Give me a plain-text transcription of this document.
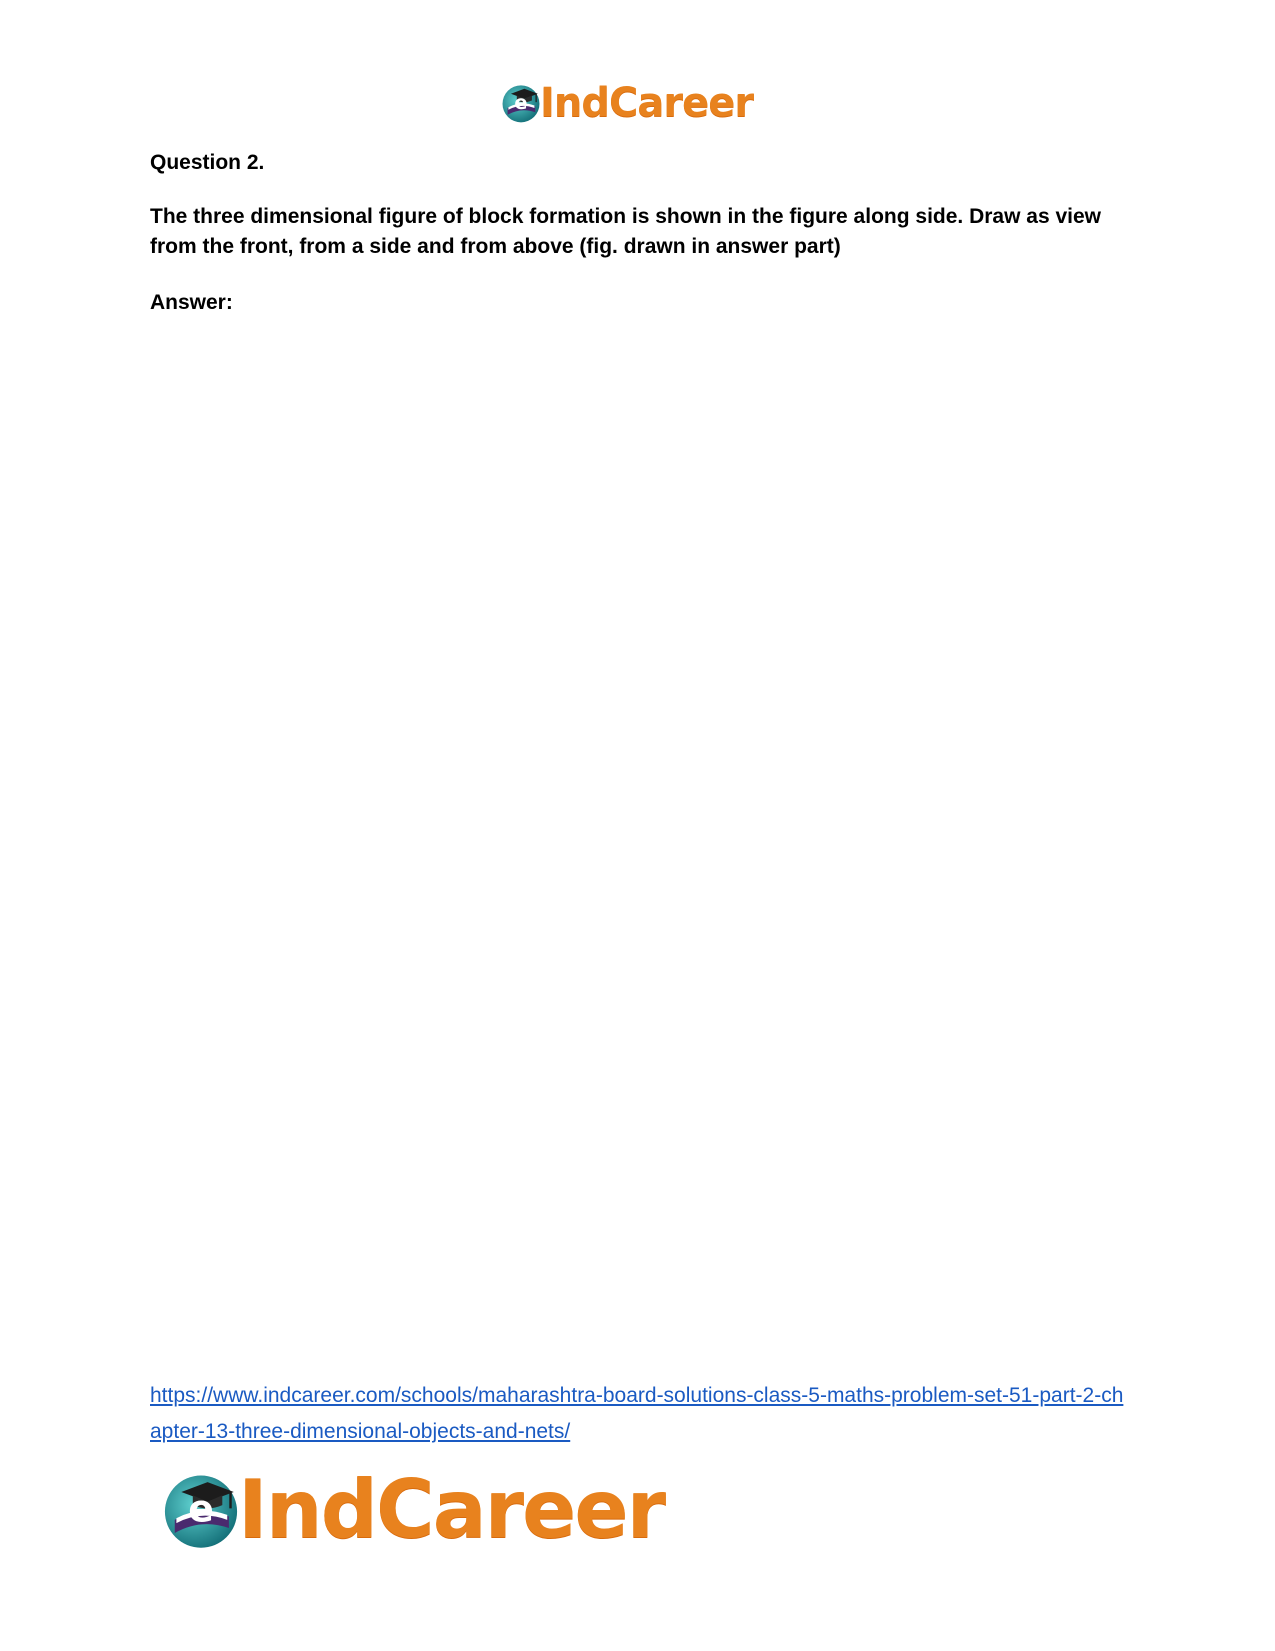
e IndCareer

Question 2.

The three dimensional figure of block formation is shown in the figure along side. Draw as view from the front, from a side and from above (fig. drawn in answer part)

Answer:

https://www.indcareer.com/schools/maharashtra-board-solutions-class-5-maths-problem-set-51-part-2-chapter-13-three-dimensional-objects-and-nets/
e IndCareer
